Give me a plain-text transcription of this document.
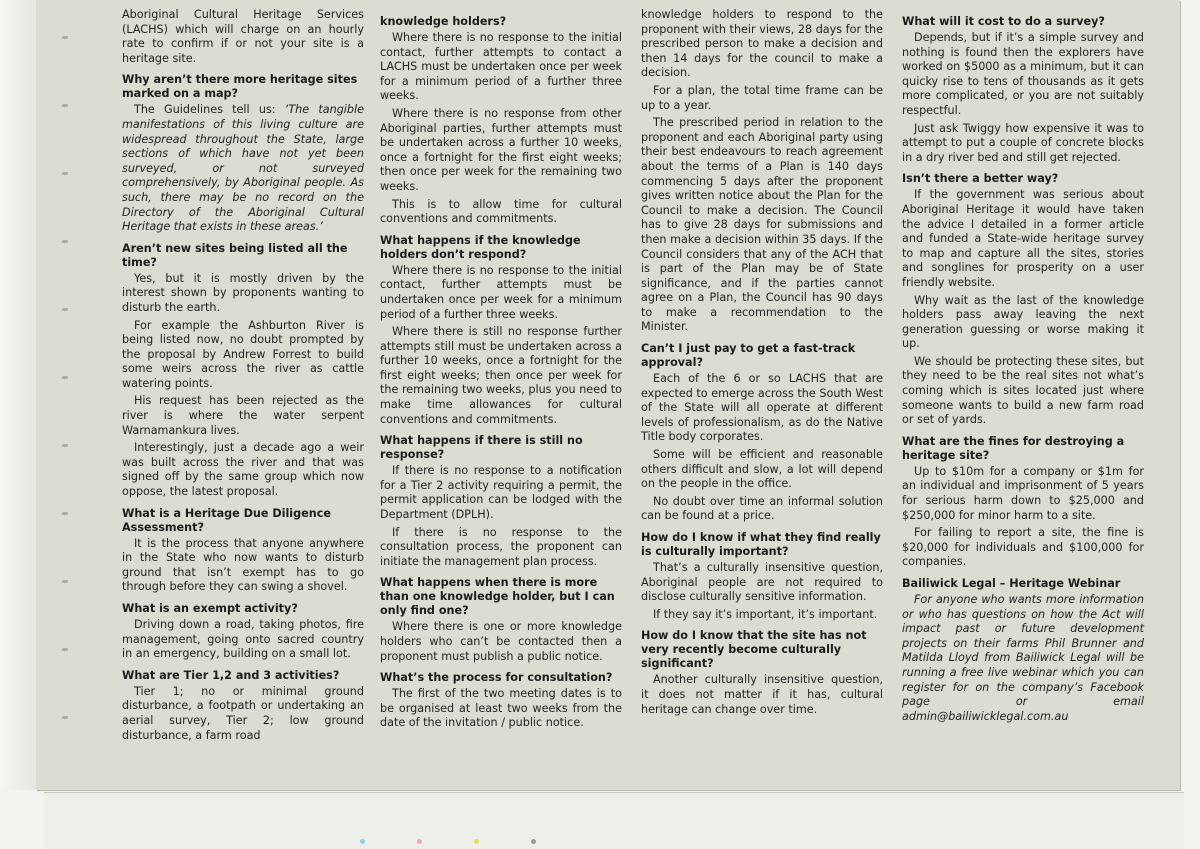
Aboriginal Cultural Heritage Services (LACHS) which will charge on an hourly rate to confirm if or not your site is a heritage site.

Why aren’t there more heritage sites marked on a map?

The Guidelines tell us: ‘The tangible manifestations of this living culture are widespread throughout the State, large sections of which have not yet been surveyed, or not surveyed comprehensively, by Aboriginal people. As such, there may be no record on the Directory of the Aboriginal Cultural Heritage that exists in these areas.’

Aren’t new sites being listed all the time?

Yes, but it is mostly driven by the interest shown by proponents wanting to disturb the earth.

For example the Ashburton River is being listed now, no doubt prompted by the proposal by Andrew Forrest to build some weirs across the river as cattle watering points.

His request has been rejected as the river is where the water serpent Warnamankura lives.

Interestingly, just a decade ago a weir was built across the river and that was signed off by the same group which now oppose, the latest proposal.

What is a Heritage Due Diligence Assessment?

It is the process that anyone anywhere in the State who now wants to disturb ground that isn’t exempt has to go through before they can swing a shovel.

What is an exempt activity?

Driving down a road, taking photos, fire management, going onto sacred country in an emergency, building on a small lot.

What are Tier 1,2 and 3 activities?

Tier 1; no or minimal ground disturbance, a footpath or undertaking an aerial survey, Tier 2; low ground disturbance, a farm road

knowledge holders?

Where there is no response to the initial contact, further attempts to contact a LACHS must be undertaken once per week for a minimum period of a further three weeks.

Where there is no response from other Aboriginal parties, further attempts must be undertaken across a further 10 weeks, once a fortnight for the first eight weeks; then once per week for the remaining two weeks.

This is to allow time for cultural conventions and commitments.

What happens if the knowledge holders don’t respond?

Where there is no response to the initial contact, further attempts must be undertaken once per week for a minimum period of a further three weeks.

Where there is still no response further attempts still must be undertaken across a further 10 weeks, once a fortnight for the first eight weeks; then once per week for the remaining two weeks, plus you need to make time allowances for cultural conventions and commitments.

What happens if there is still no response?

If there is no response to a notification for a Tier 2 activity requiring a permit, the permit application can be lodged with the Department (DPLH).

If there is no response to the consultation process, the proponent can initiate the management plan process.

What happens when there is more than one knowledge holder, but I can only find one?

Where there is one or more knowledge holders who can’t be contacted then a proponent must publish a public notice.

What’s the process for consultation?

The first of the two meeting dates is to be organised at least two weeks from the date of the invitation / public notice.

knowledge holders to respond to the proponent with their views, 28 days for the prescribed person to make a decision and then 14 days for the council to make a decision.

For a plan, the total time frame can be up to a year.

The prescribed period in relation to the proponent and each Aboriginal party using their best endeavours to reach agreement about the terms of a Plan is 140 days commencing 5 days after the proponent gives written notice about the Plan for the Council to make a decision. The Council has to give 28 days for submissions and then make a decision within 35 days. If the Council considers that any of the ACH that is part of the Plan may be of State significance, and if the parties cannot agree on a Plan, the Council has 90 days to make a recommendation to the Minister.

Can’t I just pay to get a fast-track approval?

Each of the 6 or so LACHS that are expected to emerge across the South West of the State will all operate at different levels of professionalism, as do the Native Title body corporates.

Some will be efficient and reasonable others difficult and slow, a lot will depend on the people in the office.

No doubt over time an informal solution can be found at a price.

How do I know if what they find really is culturally important?

That’s a culturally insensitive question, Aboriginal people are not required to disclose culturally sensitive information.

If they say it’s important, it’s important.

How do I know that the site has not very recently become culturally significant?

Another culturally insensitive question, it does not matter if it has, cultural heritage can change over time.

What will it cost to do a survey?

Depends, but if it’s a simple survey and nothing is found then the explorers have worked on $5000 as a minimum, but it can quicky rise to tens of thousands as it gets more complicated, or you are not suitably respectful.

Just ask Twiggy how expensive it was to attempt to put a couple of concrete blocks in a dry river bed and still get rejected.

Isn’t there a better way?

If the government was serious about Aboriginal Heritage it would have taken the advice I detailed in a former article and funded a State-wide heritage survey to map and capture all the sites, stories and songlines for prosperity on a user friendly website.

Why wait as the last of the knowledge holders pass away leaving the next generation guessing or worse making it up.

We should be protecting these sites, but they need to be the real sites not what’s coming which is sites located just where someone wants to build a new farm road or set of yards.

What are the fines for destroying a heritage site?

Up to $10m for a company or $1m for an individual and imprisonment of 5 years for serious harm down to $25,000 and $250,000 for minor harm to a site.

For failing to report a site, the fine is $20,000 for individuals and $100,000 for companies.

Bailiwick Legal – Heritage Webinar

For anyone who wants more information or who has questions on how the Act will impact past or future development projects on their farms Phil Brunner and Matilda Lloyd from Bailiwick Legal will be running a free live webinar which you can register for on the company’s Facebook page or email admin@bailiwicklegal.com.au
